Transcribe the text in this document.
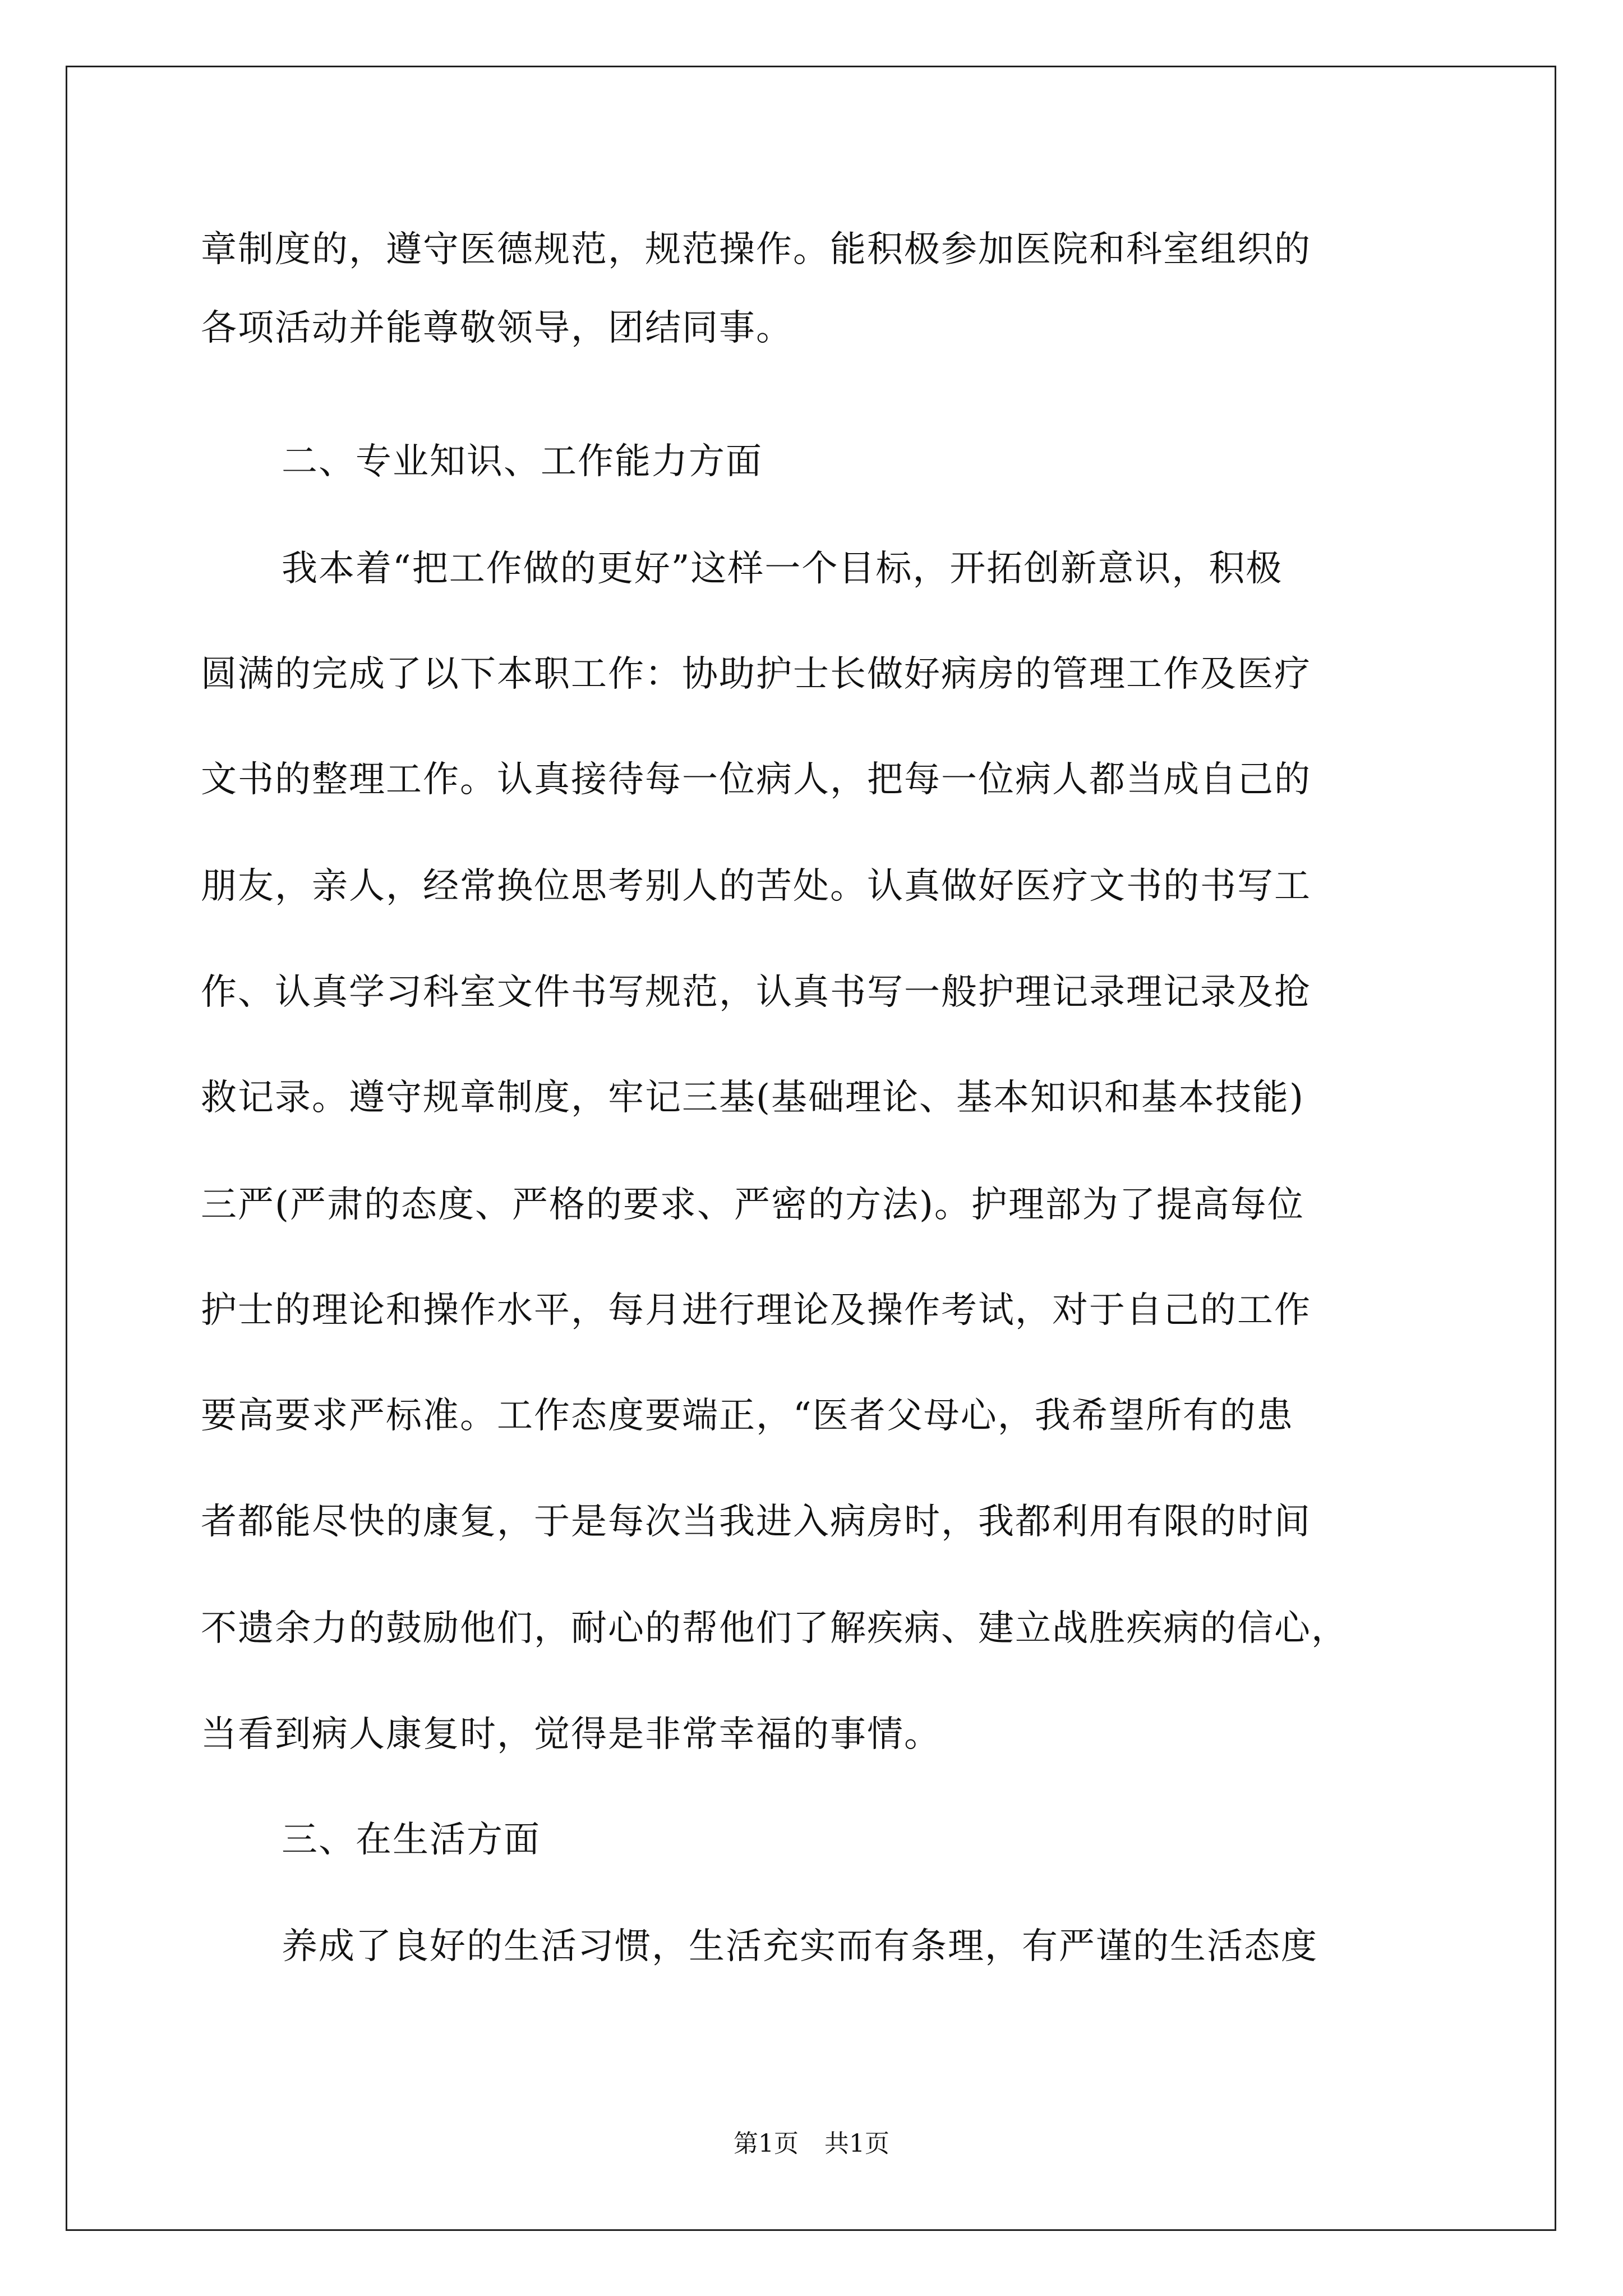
章制度的，遵守医德规范，规范操作。能积极参加医院和科室组织的
各项活动并能尊敬领导，团结同事。
二、专业知识、工作能力方面
我本着“把工作做的更好”这样一个目标，开拓创新意识，积极
圆满的完成了以下本职工作：协助护士长做好病房的管理工作及医疗
文书的整理工作。认真接待每一位病人，把每一位病人都当成自己的
朋友，亲人，经常换位思考别人的苦处。认真做好医疗文书的书写工
作、认真学习科室文件书写规范，认真书写一般护理记录理记录及抢
救记录。遵守规章制度，牢记三基(基础理论、基本知识和基本技能)
三严(严肃的态度、严格的要求、严密的方法)。护理部为了提高每位
护士的理论和操作水平，每月进行理论及操作考试，对于自己的工作
要高要求严标准。工作态度要端正，“医者父母心，我希望所有的患
者都能尽快的康复，于是每次当我进入病房时，我都利用有限的时间
不遗余力的鼓励他们，耐心的帮他们了解疾病、建立战胜疾病的信心，
当看到病人康复时，觉得是非常幸福的事情。
三、在生活方面
养成了良好的生活习惯，生活充实而有条理，有严谨的生活态度
第1页 共1页
